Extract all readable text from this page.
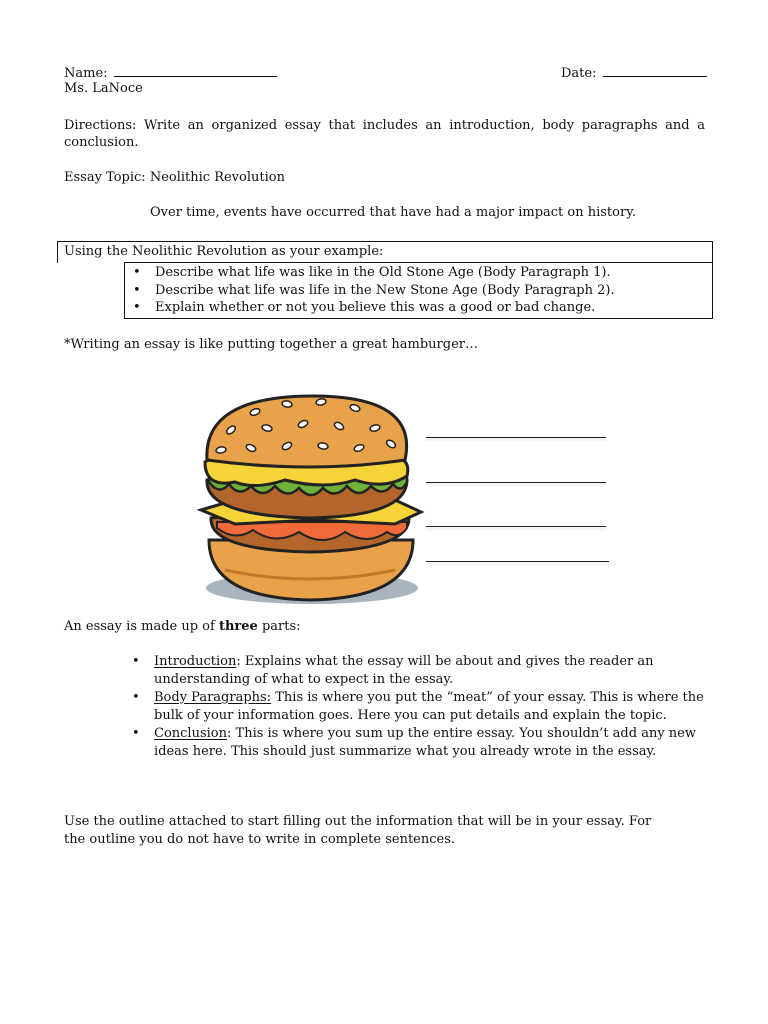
Name:
Ms. LaNoce
Date:
Directions: Write an organized essay that includes an introduction, body paragraphs and a conclusion.
Essay Topic: Neolithic Revolution
Over time, events have occurred that have had a major impact on history.
Using the Neolithic Revolution as your example:
• Describe what life was like in the Old Stone Age (Body Paragraph 1).
• Describe what life was life in the New Stone Age (Body Paragraph 2).
• Explain whether or not you believe this was a good or bad change.
*Writing an essay is like putting together a great hamburger…
An essay is made up of three parts:
• Introduction: Explains what the essay will be about and gives the reader an understanding of what to expect in the essay.
• Body Paragraphs: This is where you put the “meat” of your essay. This is where the bulk of your information goes. Here you can put details and explain the topic.
• Conclusion: This is where you sum up the entire essay. You shouldn’t add any new ideas here. This should just summarize what you already wrote in the essay.
Use the outline attached to start filling out the information that will be in your essay. For the outline you do not have to write in complete sentences.
